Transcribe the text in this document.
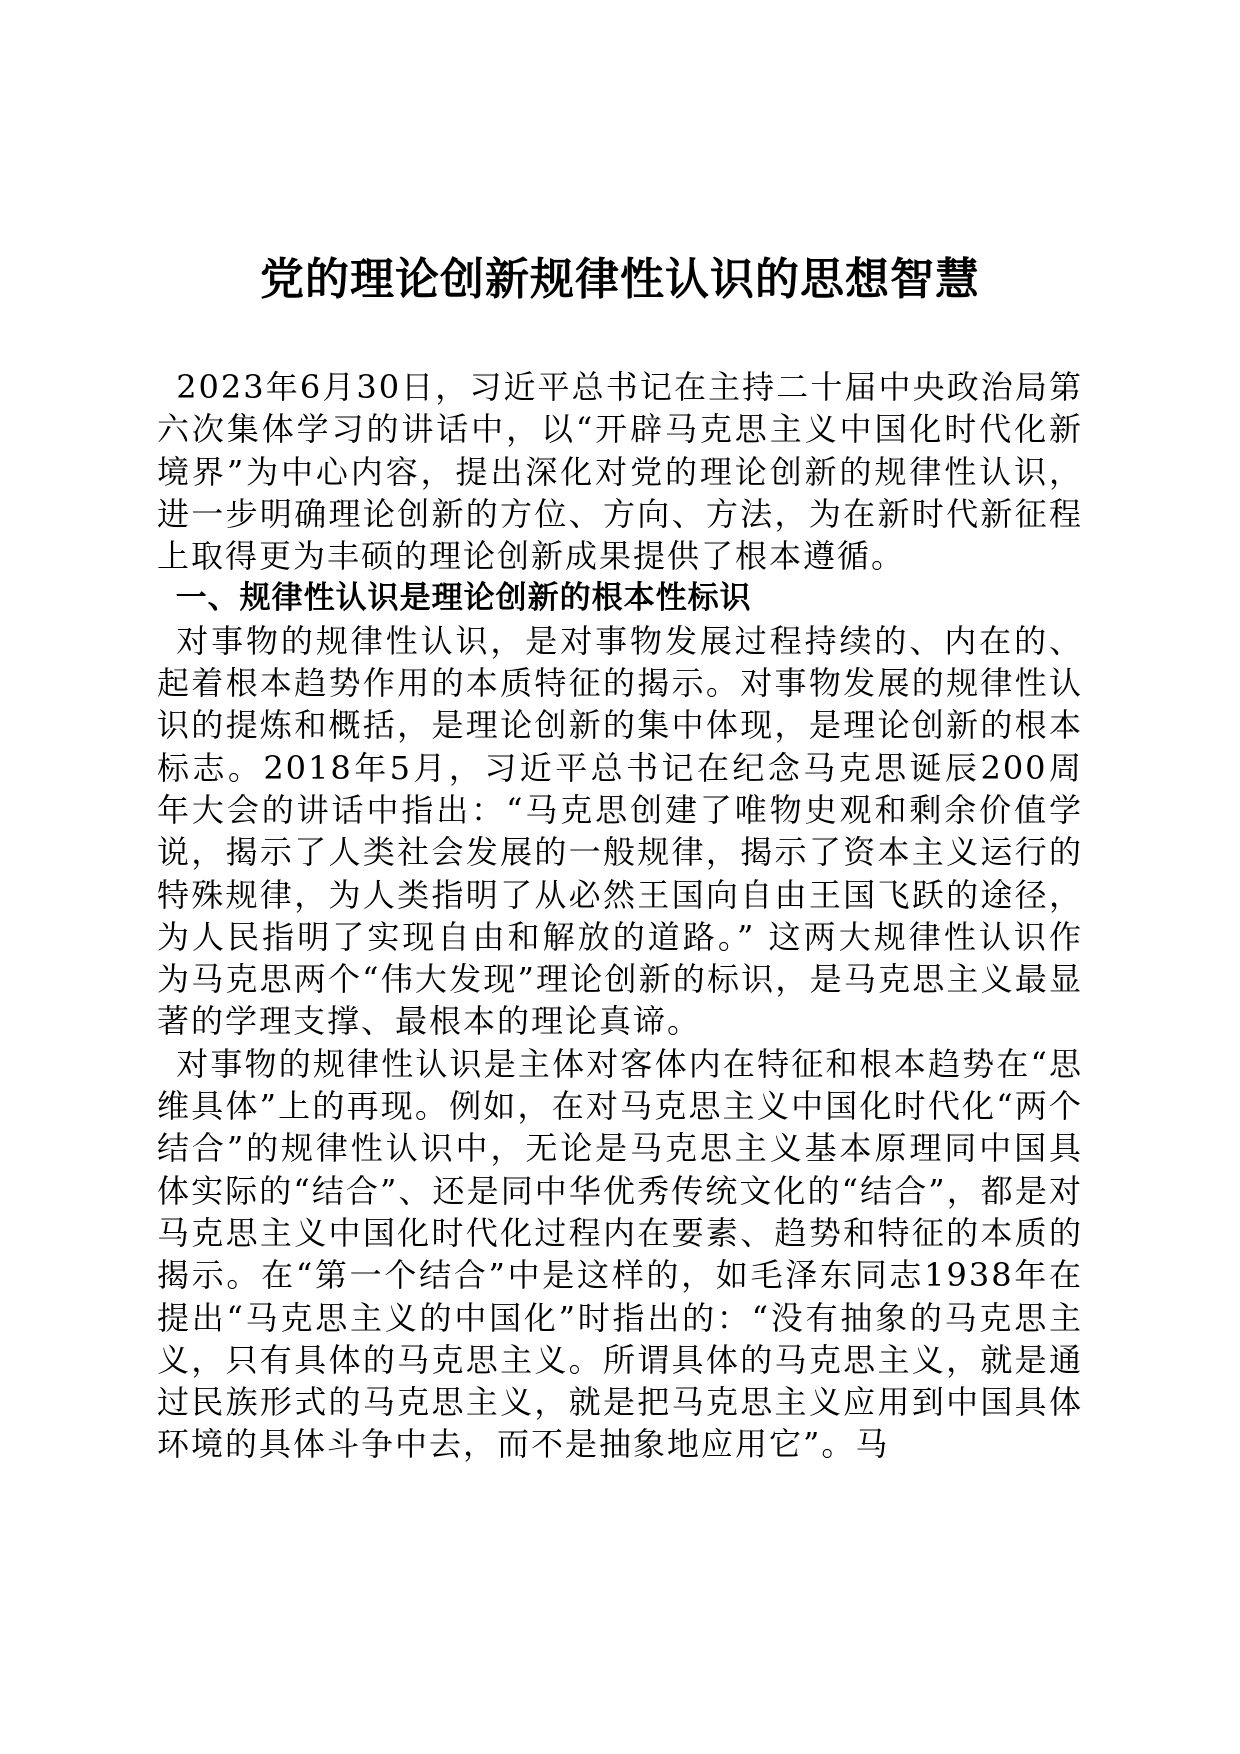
党的理论创新规律性认识的思想智慧

2023年6月30日，习近平总书记在主持二十届中央政治局第六次集体学习的讲话中，以“开辟马克思主义中国化时代化新境界”为中心内容，提出深化对党的理论创新的规律性认识，进一步明确理论创新的方位、方向、方法，为在新时代新征程上取得更为丰硕的理论创新成果提供了根本遵循。

一、规律性认识是理论创新的根本性标识

对事物的规律性认识，是对事物发展过程持续的、内在的、起着根本趋势作用的本质特征的揭示。对事物发展的规律性认识的提炼和概括，是理论创新的集中体现，是理论创新的根本标志。2018年5月，习近平总书记在纪念马克思诞辰200周年大会的讲话中指出：“马克思创建了唯物史观和剩余价值学说，揭示了人类社会发展的一般规律，揭示了资本主义运行的特殊规律，为人类指明了从必然王国向自由王国飞跃的途径，为人民指明了实现自由和解放的道路。” 这两大规律性认识作为马克思两个“伟大发现”理论创新的标识，是马克思主义最显著的学理支撑、最根本的理论真谛。

对事物的规律性认识是主体对客体内在特征和根本趋势在“思维具体”上的再现。例如，在对马克思主义中国化时代化“两个结合”的规律性认识中，无论是马克思主义基本原理同中国具体实际的“结合”、还是同中华优秀传统文化的“结合”，都是对马克思主义中国化时代化过程内在要素、趋势和特征的本质的揭示。在“第一个结合”中是这样的，如毛泽东同志1938年在提出“马克思主义的中国化”时指出的：“没有抽象的马克思主义，只有具体的马克思主义。所谓具体的马克思主义，就是通过民族形式的马克思主义，就是把马克思主义应用到中国具体环境的具体斗争中去，而不是抽象地应用它”。马
